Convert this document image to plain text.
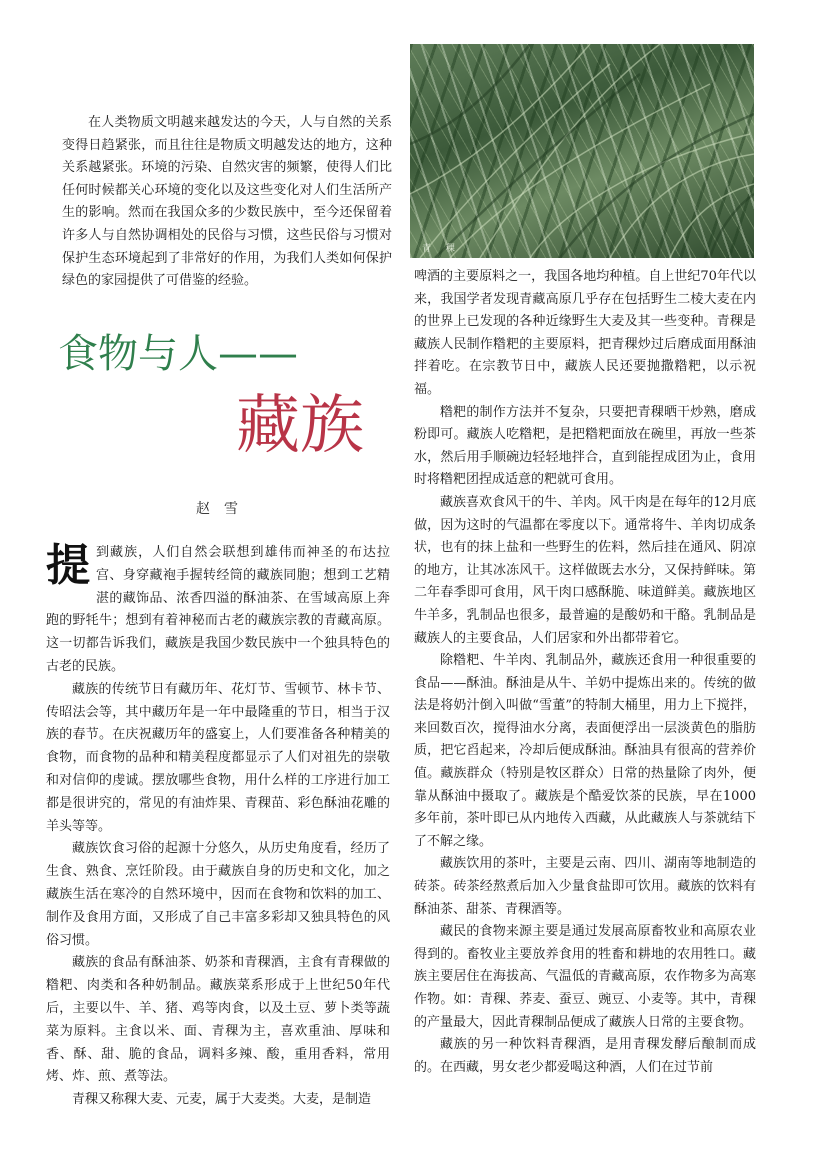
在人类物质文明越来越发达的今天，人与自然的关系变得日趋紧张，而且往往是物质文明越发达的地方，这种关系越紧张。环境的污染、自然灾害的频繁，使得人们比任何时候都关心环境的变化以及这些变化对人们生活所产生的影响。然而在我国众多的少数民族中，至今还保留着许多人与自然协调相处的民俗与习惯，这些民俗与习惯对保护生态环境起到了非常好的作用，为我们人类如何保护绿色的家园提供了可借鉴的经验。
青 稞
食物与人——
藏族
赵雪

提到藏族，人们自然会联想到雄伟而神圣的布达拉宫、身穿藏袍手握转经筒的藏族同胞；想到工艺精湛的藏饰品、浓香四溢的酥油茶、在雪域高原上奔跑的野牦牛；想到有着神秘而古老的藏族宗教的青藏高原。这一切都告诉我们，藏族是我国少数民族中一个独具特色的古老的民族。

藏族的传统节日有藏历年、花灯节、雪顿节、林卡节、传昭法会等，其中藏历年是一年中最隆重的节日，相当于汉族的春节。在庆祝藏历年的盛宴上，人们要准备各种精美的食物，而食物的品种和精美程度都显示了人们对祖先的崇敬和对信仰的虔诚。摆放哪些食物，用什么样的工序进行加工都是很讲究的，常见的有油炸果、青稞苗、彩色酥油花雕的羊头等等。

藏族饮食习俗的起源十分悠久，从历史角度看，经历了生食、熟食、烹饪阶段。由于藏族自身的历史和文化，加之藏族生活在寒冷的自然环境中，因而在食物和饮料的加工、制作及食用方面，又形成了自己丰富多彩却又独具特色的风俗习惯。

藏族的食品有酥油茶、奶茶和青稞酒，主食有青稞做的糌粑、肉类和各种奶制品。藏族菜系形成于上世纪50年代后，主要以牛、羊、猪、鸡等肉食，以及土豆、萝卜类等蔬菜为原料。主食以米、面、青稞为主，喜欢重油、厚味和香、酥、甜、脆的食品，调料多辣、酸，重用香料，常用烤、炸、煎、煮等法。

青稞又称稞大麦、元麦，属于大麦类。大麦，是制造

啤酒的主要原料之一，我国各地均种植。自上世纪70年代以来，我国学者发现青藏高原几乎存在包括野生二棱大麦在内的世界上已发现的各种近缘野生大麦及其一些变种。青稞是藏族人民制作糌粑的主要原料，把青稞炒过后磨成面用酥油拌着吃。在宗教节日中，藏族人民还要抛撒糌粑，以示祝福。

糌粑的制作方法并不复杂，只要把青稞晒干炒熟，磨成粉即可。藏族人吃糌粑，是把糌粑面放在碗里，再放一些茶水，然后用手顺碗边轻轻地拌合，直到能捏成团为止，食用时将糌粑团捏成适意的粑就可食用。

藏族喜欢食风干的牛、羊肉。风干肉是在每年的12月底做，因为这时的气温都在零度以下。通常将牛、羊肉切成条状，也有的抹上盐和一些野生的佐料，然后挂在通风、阴凉的地方，让其冰冻风干。这样做既去水分，又保持鲜味。第二年春季即可食用，风干肉口感酥脆、味道鲜美。藏族地区牛羊多，乳制品也很多，最普遍的是酸奶和干酪。乳制品是藏族人的主要食品，人们居家和外出都带着它。

除糌粑、牛羊肉、乳制品外，藏族还食用一种很重要的食品——酥油。酥油是从牛、羊奶中提炼出来的。传统的做法是将奶汁倒入叫做“雪董”的特制大桶里，用力上下搅拌，来回数百次，搅得油水分离，表面便浮出一层淡黄色的脂肪质，把它舀起来，冷却后便成酥油。酥油具有很高的营养价值。藏族群众（特别是牧区群众）日常的热量除了肉外，便靠从酥油中摄取了。藏族是个酷爱饮茶的民族，早在1000多年前，茶叶即已从内地传入西藏，从此藏族人与茶就结下了不解之缘。

藏族饮用的茶叶，主要是云南、四川、湖南等地制造的砖茶。砖茶经熬煮后加入少量食盐即可饮用。藏族的饮料有酥油茶、甜茶、青稞酒等。

藏民的食物来源主要是通过发展高原畜牧业和高原农业得到的。畜牧业主要放养食用的牲畜和耕地的农用牲口。藏族主要居住在海拔高、气温低的青藏高原，农作物多为高寒作物。如：青稞、荞麦、蚕豆、豌豆、小麦等。其中，青稞的产量最大，因此青稞制品便成了藏族人日常的主要食物。

藏族的另一种饮料青稞酒，是用青稞发酵后酿制而成的。在西藏，男女老少都爱喝这种酒，人们在过节前
